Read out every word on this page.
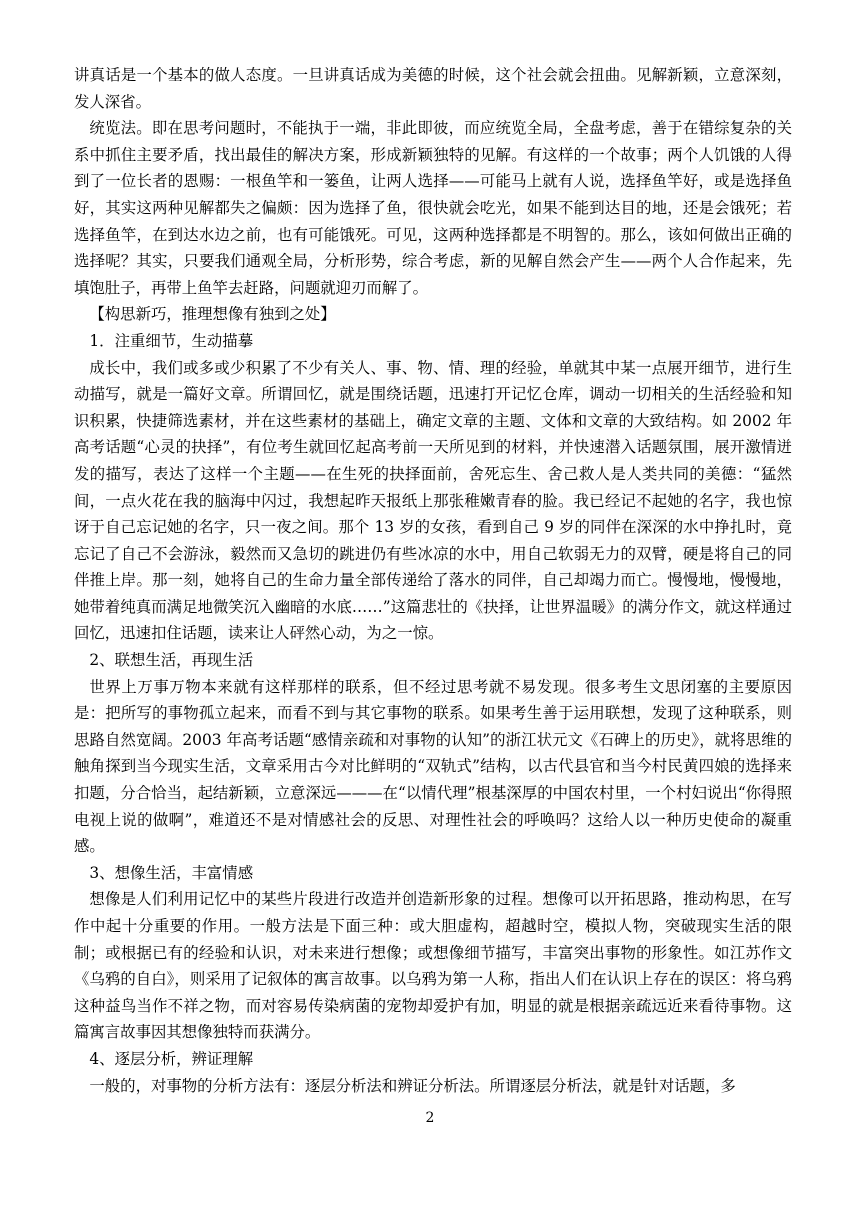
讲真话是一个基本的做人态度。一旦讲真话成为美德的时候，这个社会就会扭曲。见解新颖，立意深刻，发人深省。

统览法。即在思考问题时，不能执于一端，非此即彼，而应统览全局，全盘考虑，善于在错综复杂的关系中抓住主要矛盾，找出最佳的解决方案，形成新颖独特的见解。有这样的一个故事；两个人饥饿的人得到了一位长者的恩赐：一根鱼竿和一篓鱼，让两人选择——可能马上就有人说，选择鱼竿好，或是选择鱼好，其实这两种见解都失之偏颇：因为选择了鱼，很快就会吃光，如果不能到达目的地，还是会饿死；若选择鱼竿，在到达水边之前，也有可能饿死。可见，这两种选择都是不明智的。那么，该如何做出正确的选择呢？其实，只要我们通观全局，分析形势，综合考虑，新的见解自然会产生——两个人合作起来，先填饱肚子，再带上鱼竿去赶路，问题就迎刃而解了。

【构思新巧，推理想像有独到之处】

1．注重细节，生动描摹

成长中，我们或多或少积累了不少有关人、事、物、情、理的经验，单就其中某一点展开细节，进行生动描写，就是一篇好文章。所谓回忆，就是围绕话题，迅速打开记忆仓库，调动一切相关的生活经验和知识积累，快捷筛选素材，并在这些素材的基础上，确定文章的主题、文体和文章的大致结构。如 2002 年高考话题“心灵的抉择”，有位考生就回忆起高考前一天所见到的材料，并快速潜入话题氛围，展开激情迸发的描写，表达了这样一个主题——在生死的抉择面前，舍死忘生、舍己救人是人类共同的美德：“猛然间，一点火花在我的脑海中闪过，我想起昨天报纸上那张稚嫩青春的脸。我已经记不起她的名字，我也惊讶于自己忘记她的名字，只一夜之间。那个 13 岁的女孩，看到自己 9 岁的同伴在深深的水中挣扎时，竟忘记了自己不会游泳，毅然而又急切的跳进仍有些冰凉的水中，用自己软弱无力的双臂，硬是将自己的同伴推上岸。那一刻，她将自己的生命力量全部传递给了落水的同伴，自己却竭力而亡。慢慢地，慢慢地，她带着纯真而满足地微笑沉入幽暗的水底……”这篇悲壮的《抉择，让世界温暖》的满分作文，就这样通过回忆，迅速扣住话题，读来让人砰然心动，为之一惊。

2、联想生活，再现生活

世界上万事万物本来就有这样那样的联系，但不经过思考就不易发现。很多考生文思闭塞的主要原因是：把所写的事物孤立起来，而看不到与其它事物的联系。如果考生善于运用联想，发现了这种联系，则思路自然宽阔。2003 年高考话题“感情亲疏和对事物的认知”的浙江状元文《石碑上的历史》，就将思维的触角探到当今现实生活，文章采用古今对比鲜明的“双轨式”结构，以古代县官和当今村民黄四娘的选择来扣题，分合恰当，起结新颖，立意深远———在“以情代理”根基深厚的中国农村里，一个村妇说出“你得照电视上说的做啊”，难道还不是对情感社会的反思、对理性社会的呼唤吗？这给人以一种历史使命的凝重感。

3、想像生活，丰富情感

想像是人们利用记忆中的某些片段进行改造并创造新形象的过程。想像可以开拓思路，推动构思，在写作中起十分重要的作用。一般方法是下面三种：或大胆虚构，超越时空，模拟人物，突破现实生活的限制；或根据已有的经验和认识，对未来进行想像；或想像细节描写，丰富突出事物的形象性。如江苏作文《乌鸦的自白》，则采用了记叙体的寓言故事。以乌鸦为第一人称，指出人们在认识上存在的误区：将乌鸦这种益鸟当作不祥之物，而对容易传染病菌的宠物却爱护有加，明显的就是根据亲疏远近来看待事物。这篇寓言故事因其想像独特而获满分。

4、逐层分析，辨证理解

一般的，对事物的分析方法有：逐层分析法和辨证分析法。所谓逐层分析法，就是针对话题，多

2
